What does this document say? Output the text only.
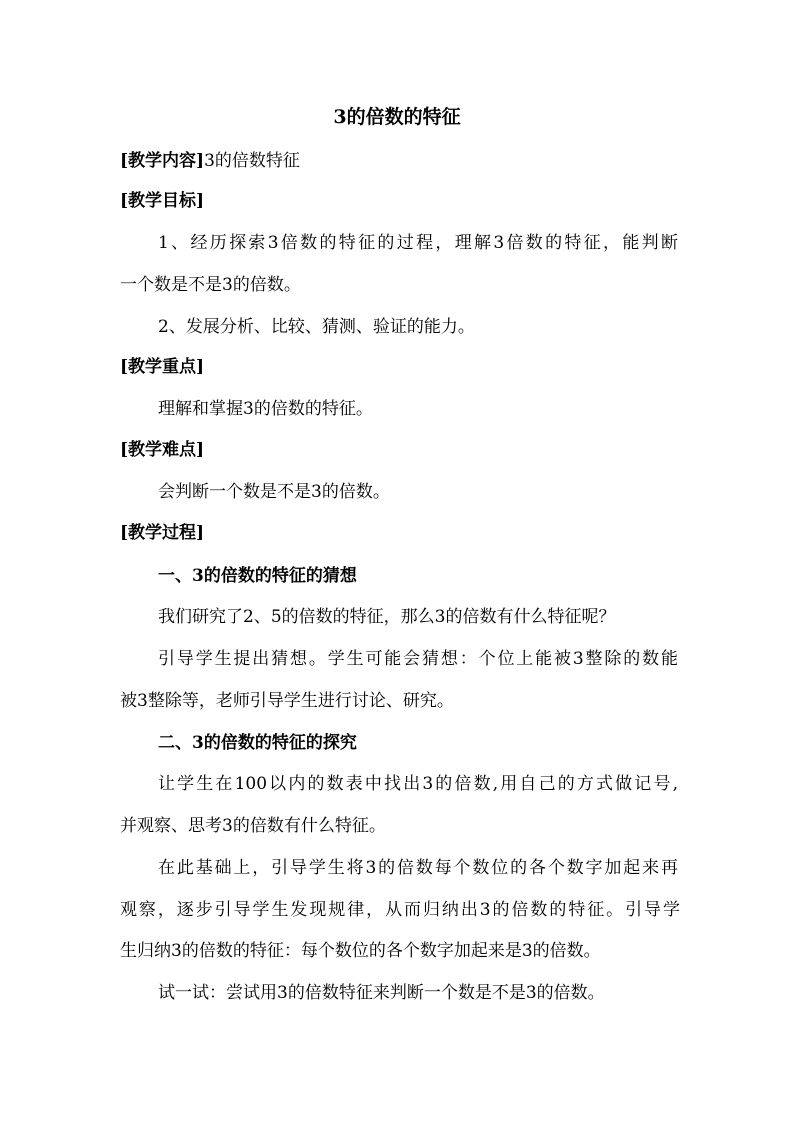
3的倍数的特征
[教学内容]3的倍数特征
[教学目标]
1、经历探索3倍数的特征的过程，理解3倍数的特征，能判断
一个数是不是3的倍数。
2、发展分析、比较、猜测、验证的能力。
[教学重点]
理解和掌握3的倍数的特征。
[教学难点]
会判断一个数是不是3的倍数。
[教学过程]
一、3的倍数的特征的猜想
我们研究了2、5的倍数的特征，那么3的倍数有什么特征呢？
引导学生提出猜想。学生可能会猜想：个位上能被3整除的数能
被3整除等，老师引导学生进行讨论、研究。
二、3的倍数的特征的探究
让学生在100以内的数表中找出3的倍数,用自己的方式做记号,
并观察、思考3的倍数有什么特征。
在此基础上，引导学生将3的倍数每个数位的各个数字加起来再
观察，逐步引导学生发现规律，从而归纳出3的倍数的特征。引导学
生归纳3的倍数的特征：每个数位的各个数字加起来是3的倍数。
试一试：尝试用3的倍数特征来判断一个数是不是3的倍数。
